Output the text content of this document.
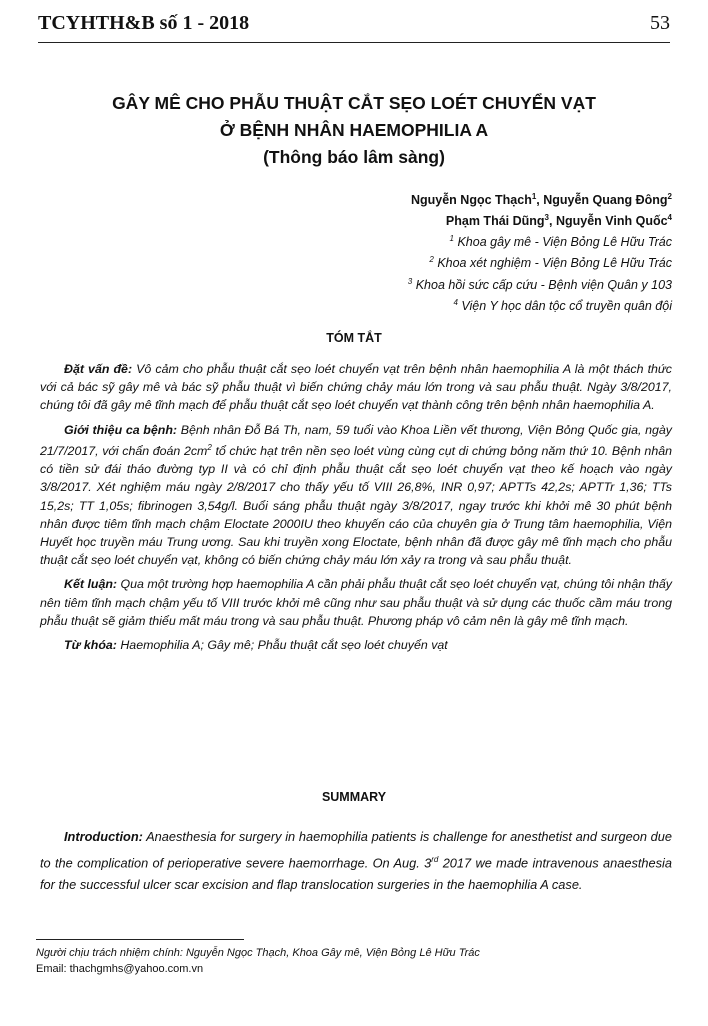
TCYHTH&B số 1 - 2018	53
GÂY MÊ CHO PHẪU THUẬT CẮT SẸO LOÉT CHUYỂN VẠT
Ở BỆNH NHÂN HAEMOPHILIA A
(Thông báo lâm sàng)
Nguyễn Ngọc Thạch$^1$, Nguyễn Quang Đông$^2$
Phạm Thái Dũng$^3$, Nguyễn Vinh Quốc$^4$
$^1$ Khoa gây mê - Viện Bỏng Lê Hữu Trác
$^2$ Khoa xét nghiệm - Viện Bỏng Lê Hữu Trác
$^3$ Khoa hồi sức cấp cứu - Bệnh viện Quân y 103
$^4$ Viện Y học dân tộc cổ truyền quân đội
TÓM TẮT

Đặt vấn đề: Vô cảm cho phẫu thuật cắt sẹo loét chuyển vạt trên bệnh nhân haemophilia A là một thách thức với cả bác sỹ gây mê và bác sỹ phẫu thuật vì biến chứng chảy máu lớn trong và sau phẫu thuật. Ngày 3/8/2017, chúng tôi đã gây mê tĩnh mạch để phẫu thuật cắt sẹo loét chuyển vạt thành công trên bệnh nhân haemophilia A.

Giới thiệu ca bệnh: Bệnh nhân Đỗ Bá Th, nam, 59 tuổi vào Khoa Liền vết thương, Viện Bỏng Quốc gia, ngày 21/7/2017, với chẩn đoán $2cm^2$ tổ chức hạt trên nền sẹo loét vùng cùng cụt di chứng bỏng năm thứ 10. Bệnh nhân có tiền sử đái tháo đường typ II và có chỉ định phẫu thuật cắt sẹo loét chuyển vạt theo kế hoạch vào ngày 3/8/2017. Xét nghiệm máu ngày 2/8/2017 cho thấy yếu tố VIII 26,8%, INR 0,97; APTTs 42,2s; APTTr 1,36; TTs 15,2s; TT 1,05s; fibrinogen 3,54g/l. Buổi sáng phẫu thuật ngày 3/8/2017, ngay trước khi khởi mê 30 phút bệnh nhân được tiêm tĩnh mạch chậm Eloctate 2000IU theo khuyến cáo của chuyên gia ở Trung tâm haemophilia, Viện Huyết học truyền máu Trung ương. Sau khi truyền xong Eloctate, bệnh nhân đã được gây mê tĩnh mạch cho phẫu thuật cắt sẹo loét chuyển vạt, không có biến chứng chảy máu lớn xảy ra trong và sau phẫu thuật.

Kết luận: Qua một trường hợp haemophilia A cần phải phẫu thuật cắt sẹo loét chuyển vạt, chúng tôi nhận thấy nên tiêm tĩnh mạch chậm yếu tố VIII trước khởi mê cũng như sau phẫu thuật và sử dụng các thuốc cầm máu trong phẫu thuật sẽ giảm thiểu mất máu trong và sau phẫu thuật. Phương pháp vô cảm nên là gây mê tĩnh mạch.

Từ khóa: Haemophilia A; Gây mê; Phẫu thuật cắt sẹo loét chuyển vạt

SUMMARY

Introduction: Anaesthesia for surgery in haemophilia patients is challenge for anesthetist and surgeon due to the complication of perioperative severe haemorrhage. On Aug. 3rd 2017 we made intravenous anaesthesia for the successful ulcer scar excision and flap translocation surgeries in the haemophilia A case.

Người chịu trách nhiệm chính: Nguyễn Ngọc Thạch, Khoa Gây mê, Viện Bỏng Lê Hữu Trác
Email: thachgmhs@yahoo.com.vn
